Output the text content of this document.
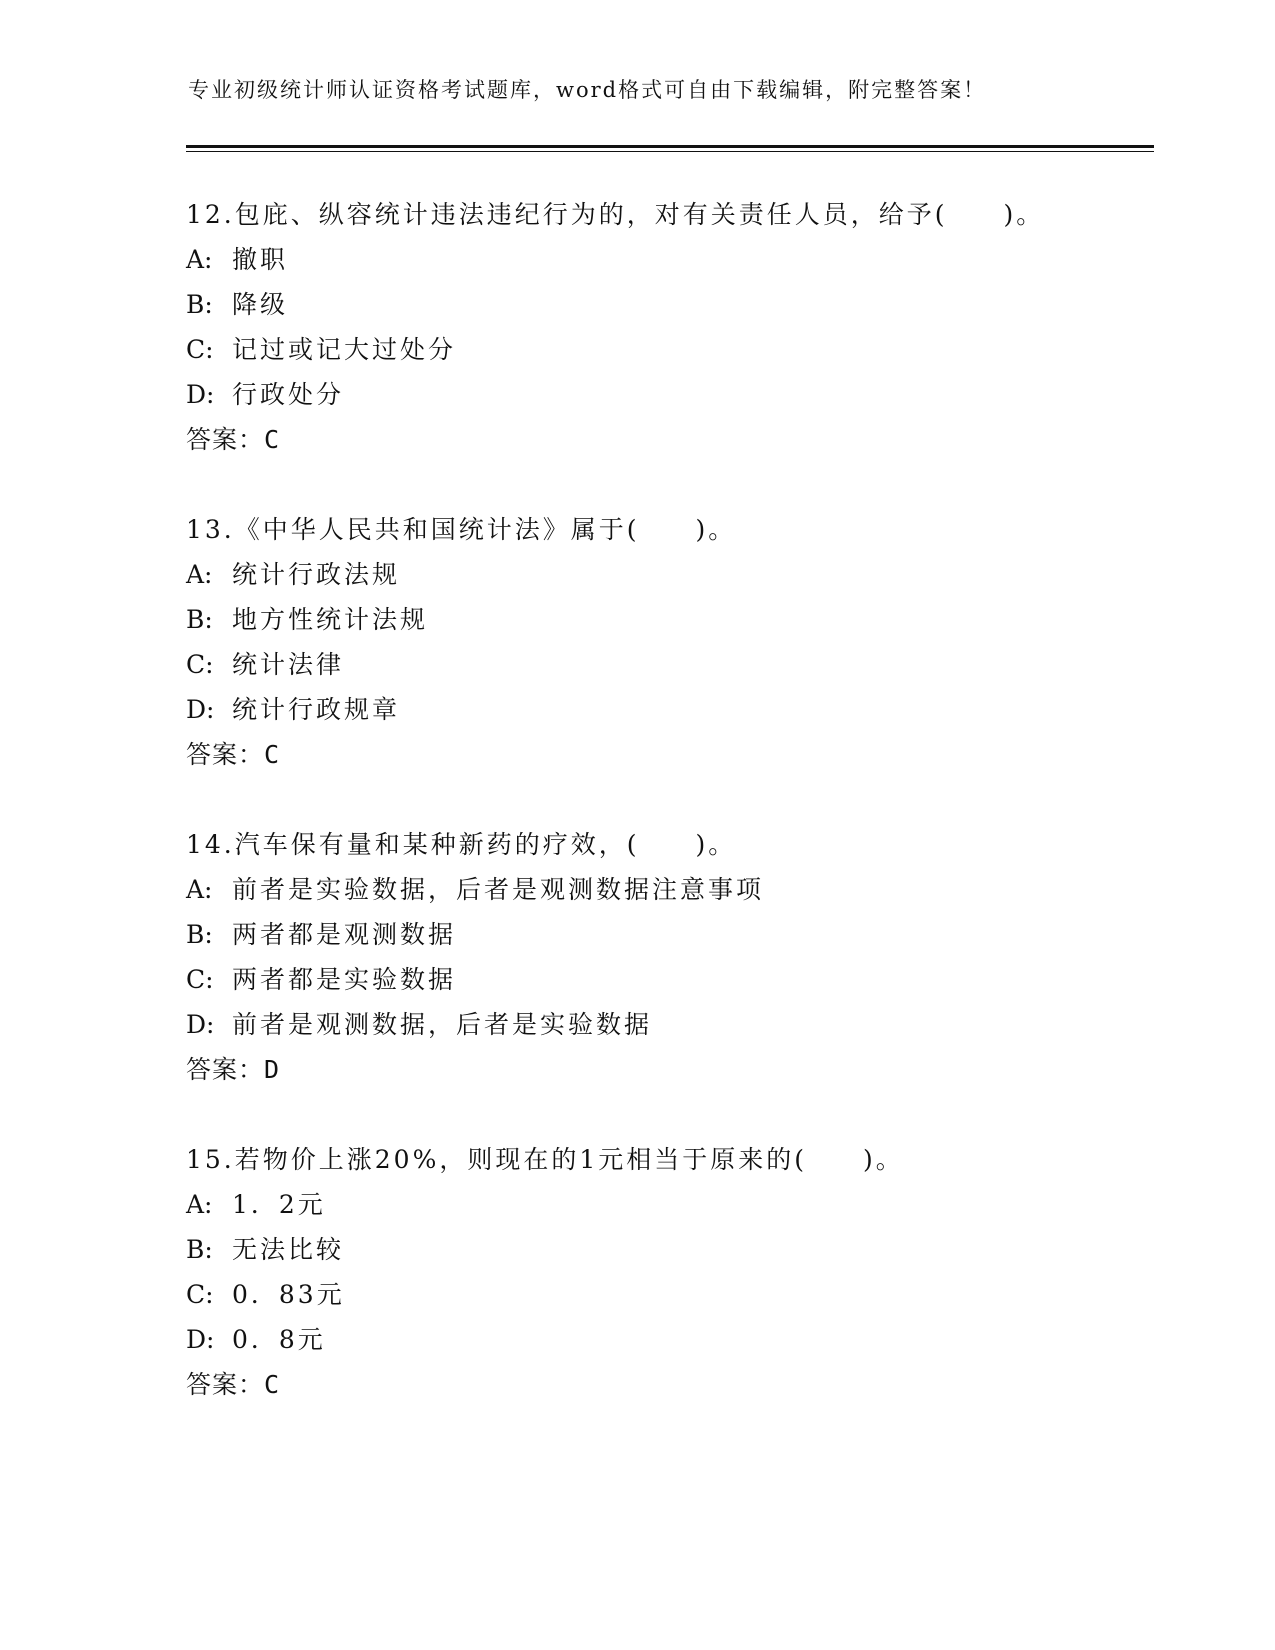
专业初级统计师认证资格考试题库，word格式可自由下载编辑，附完整答案！
12.包庇、纵容统计违法违纪行为的，对有关责任人员，给予(　　)。
A: 撤职
B: 降级
C: 记过或记大过处分
D: 行政处分
答案：C
13.《中华人民共和国统计法》属于(　　)。
A: 统计行政法规
B: 地方性统计法规
C: 统计法律
D: 统计行政规章
答案：C
14.汽车保有量和某种新药的疗效，(　　)。
A: 前者是实验数据，后者是观测数据注意事项
B: 两者都是观测数据
C: 两者都是实验数据
D: 前者是观测数据，后者是实验数据
答案：D
15.若物价上涨20%，则现在的1元相当于原来的(　　)。
A: 1．2元
B: 无法比较
C: 0．83元
D: 0．8元
答案：C
